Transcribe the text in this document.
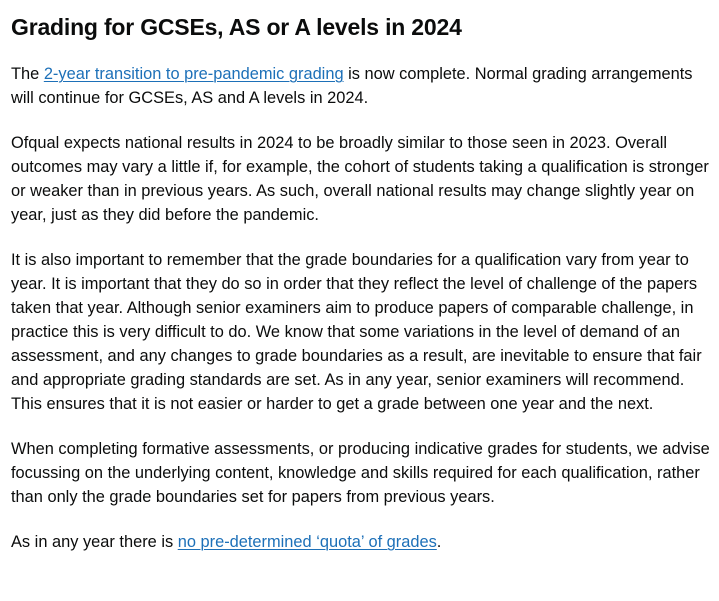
Grading for GCSEs, AS or A levels in 2024

The 2-year transition to pre-pandemic grading is now complete. Normal grading arrangements will continue for GCSEs, AS and A levels in 2024.

Ofqual expects national results in 2024 to be broadly similar to those seen in 2023. Overall outcomes may vary a little if, for example, the cohort of students taking a qualification is stronger or weaker than in previous years. As such, overall national results may change slightly year on year, just as they did before the pandemic.

It is also important to remember that the grade boundaries for a qualification vary from year to year. It is important that they do so in order that they reflect the level of challenge of the papers taken that year. Although senior examiners aim to produce papers of comparable challenge, in practice this is very difficult to do. We know that some variations in the level of demand of an assessment, and any changes to grade boundaries as a result, are inevitable to ensure that fair and appropriate grading standards are set. As in any year, senior examiners will recommend. This ensures that it is not easier or harder to get a grade between one year and the next.

When completing formative assessments, or producing indicative grades for students, we advise focussing on the underlying content, knowledge and skills required for each qualification, rather than only the grade boundaries set for papers from previous years.

As in any year there is no pre-determined ‘quota’ of grades.
